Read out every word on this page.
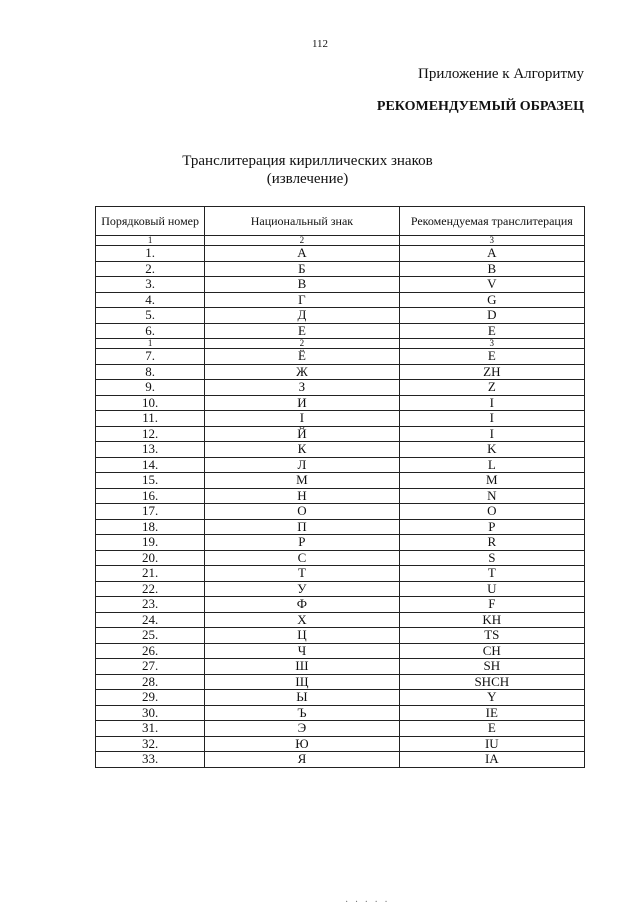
112
Приложение к Алгоритму
РЕКОМЕНДУЕМЫЙ ОБРАЗЕЦ
Транслитерация кириллических знаков
(извлечение)
Порядковый номер	Национальный знак	Рекомендуемая транслитерация
1	2	3
1.	А	A
2.	Б	B
3.	В	V
4.	Г	G
5.	Д	D
6.	Е	E
1	2	3
7.	Ё	E
8.	Ж	ZH
9.	З	Z
10.	И	I
11.	І	I
12.	Й	I
13.	К	K
14.	Л	L
15.	М	M
16.	Н	N
17.	О	O
18.	П	P
19.	Р	R
20.	С	S
21.	Т	T
22.	У	U
23.	Ф	F
24.	Х	KH
25.	Ц	TS
26.	Ч	CH
27.	Ш	SH
28.	Щ	SHCH
29.	Ы	Y
30.	Ъ	IE
31.	Э	E
32.	Ю	IU
33.	Я	IA
· · · · ·
